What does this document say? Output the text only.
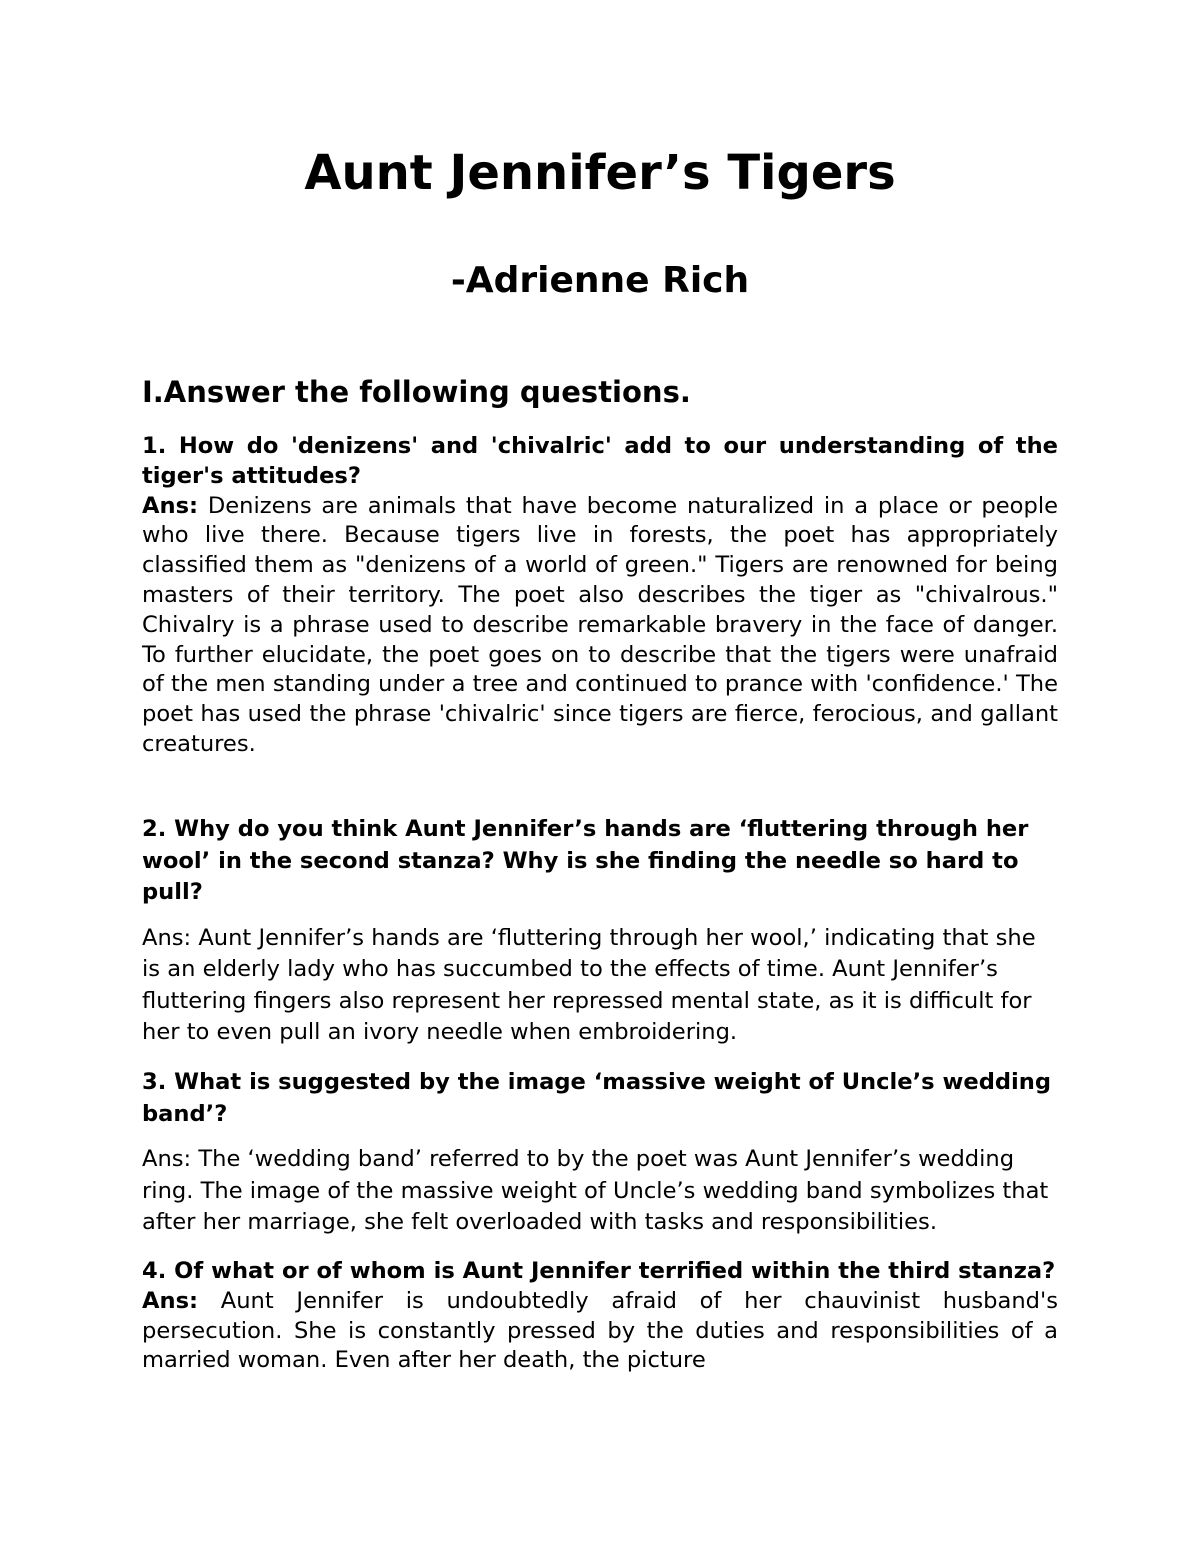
Aunt Jennifer’s Tigers
-Adrienne Rich
I.Answer the following questions.
1. How do 'denizens' and 'chivalric' add to our understanding of the tiger's attitudes?
Ans: Denizens are animals that have become naturalized in a place or people who live there. Because tigers live in forests, the poet has appropriately classified them as "denizens of a world of green." Tigers are renowned for being masters of their territory. The poet also describes the tiger as "chivalrous." Chivalry is a phrase used to describe remarkable bravery in the face of danger. To further elucidate, the poet goes on to describe that the tigers were unafraid of the men standing under a tree and continued to prance with 'confidence.' The poet has used the phrase 'chivalric' since tigers are fierce, ferocious, and gallant creatures.
2. Why do you think Aunt Jennifer’s hands are ‘fluttering through her wool’ in the second stanza? Why is she finding the needle so hard to pull?
Ans: Aunt Jennifer’s hands are ‘fluttering through her wool,’ indicating that she is an elderly lady who has succumbed to the effects of time. Aunt Jennifer’s fluttering fingers also represent her repressed mental state, as it is difficult for her to even pull an ivory needle when embroidering.
3. What is suggested by the image ‘massive weight of Uncle’s wedding band’?
Ans: The ‘wedding band’ referred to by the poet was Aunt Jennifer’s wedding ring. The image of the massive weight of Uncle’s wedding band symbolizes that after her marriage, she felt overloaded with tasks and responsibilities.
4. Of what or of whom is Aunt Jennifer terrified within the third stanza?
Ans: Aunt Jennifer is undoubtedly afraid of her chauvinist husband's persecution. She is constantly pressed by the duties and responsibilities of a married woman. Even after her death, the picture
